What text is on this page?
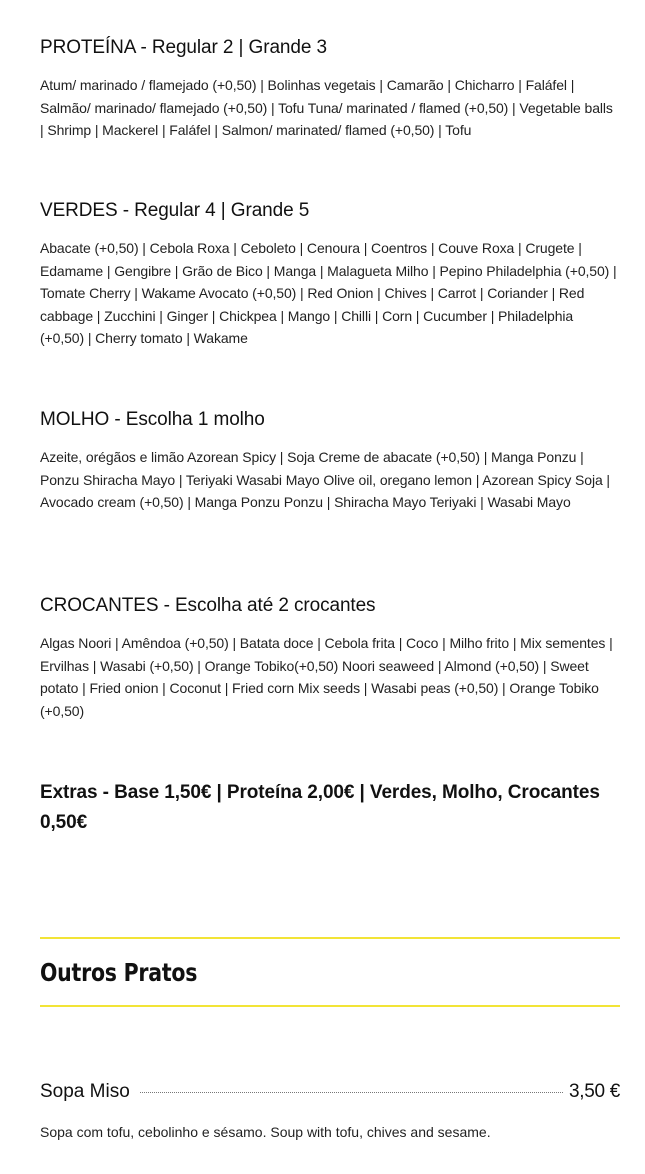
PROTEÍNA - Regular 2 | Grande 3

Atum/ marinado / flamejado (+0,50) | Bolinhas vegetais | Camarão | Chicharro | Faláfel | Salmão/ marinado/ flamejado (+0,50) | Tofu Tuna/ marinated / flamed (+0,50) | Vegetable balls | Shrimp | Mackerel | Faláfel | Salmon/ marinated/ flamed (+0,50) | Tofu

VERDES - Regular 4 | Grande 5

Abacate (+0,50) | Cebola Roxa | Ceboleto | Cenoura | Coentros | Couve Roxa | Crugete | Edamame | Gengibre | Grão de Bico | Manga | Malagueta Milho | Pepino Philadelphia (+0,50) | Tomate Cherry | Wakame Avocato (+0,50) | Red Onion | Chives | Carrot | Coriander | Red cabbage | Zucchini | Ginger | Chickpea | Mango | Chilli | Corn | Cucumber | Philadelphia (+0,50) | Cherry tomato | Wakame

MOLHO - Escolha 1 molho

Azeite, orégãos e limão Azorean Spicy | Soja Creme de abacate (+0,50) | Manga Ponzu | Ponzu Shiracha Mayo | Teriyaki Wasabi Mayo Olive oil, oregano lemon | Azorean Spicy Soja | Avocado cream (+0,50) | Manga Ponzu Ponzu | Shiracha Mayo Teriyaki | Wasabi Mayo

CROCANTES - Escolha até 2 crocantes

Algas Noori | Amêndoa (+0,50) | Batata doce | Cebola frita | Coco | Milho frito | Mix sementes | Ervilhas | Wasabi (+0,50) | Orange Tobiko(+0,50) Noori seaweed | Almond (+0,50) | Sweet potato | Fried onion | Coconut | Fried corn Mix seeds | Wasabi peas (+0,50) | Orange Tobiko (+0,50)

Extras - Base 1,50€ | Proteína 2,00€ | Verdes, Molho, Crocantes 0,50€
Outros Pratos
Sopa Miso	3,50 €

Sopa com tofu, cebolinho e sésamo. Soup with tofu, chives and sesame.
